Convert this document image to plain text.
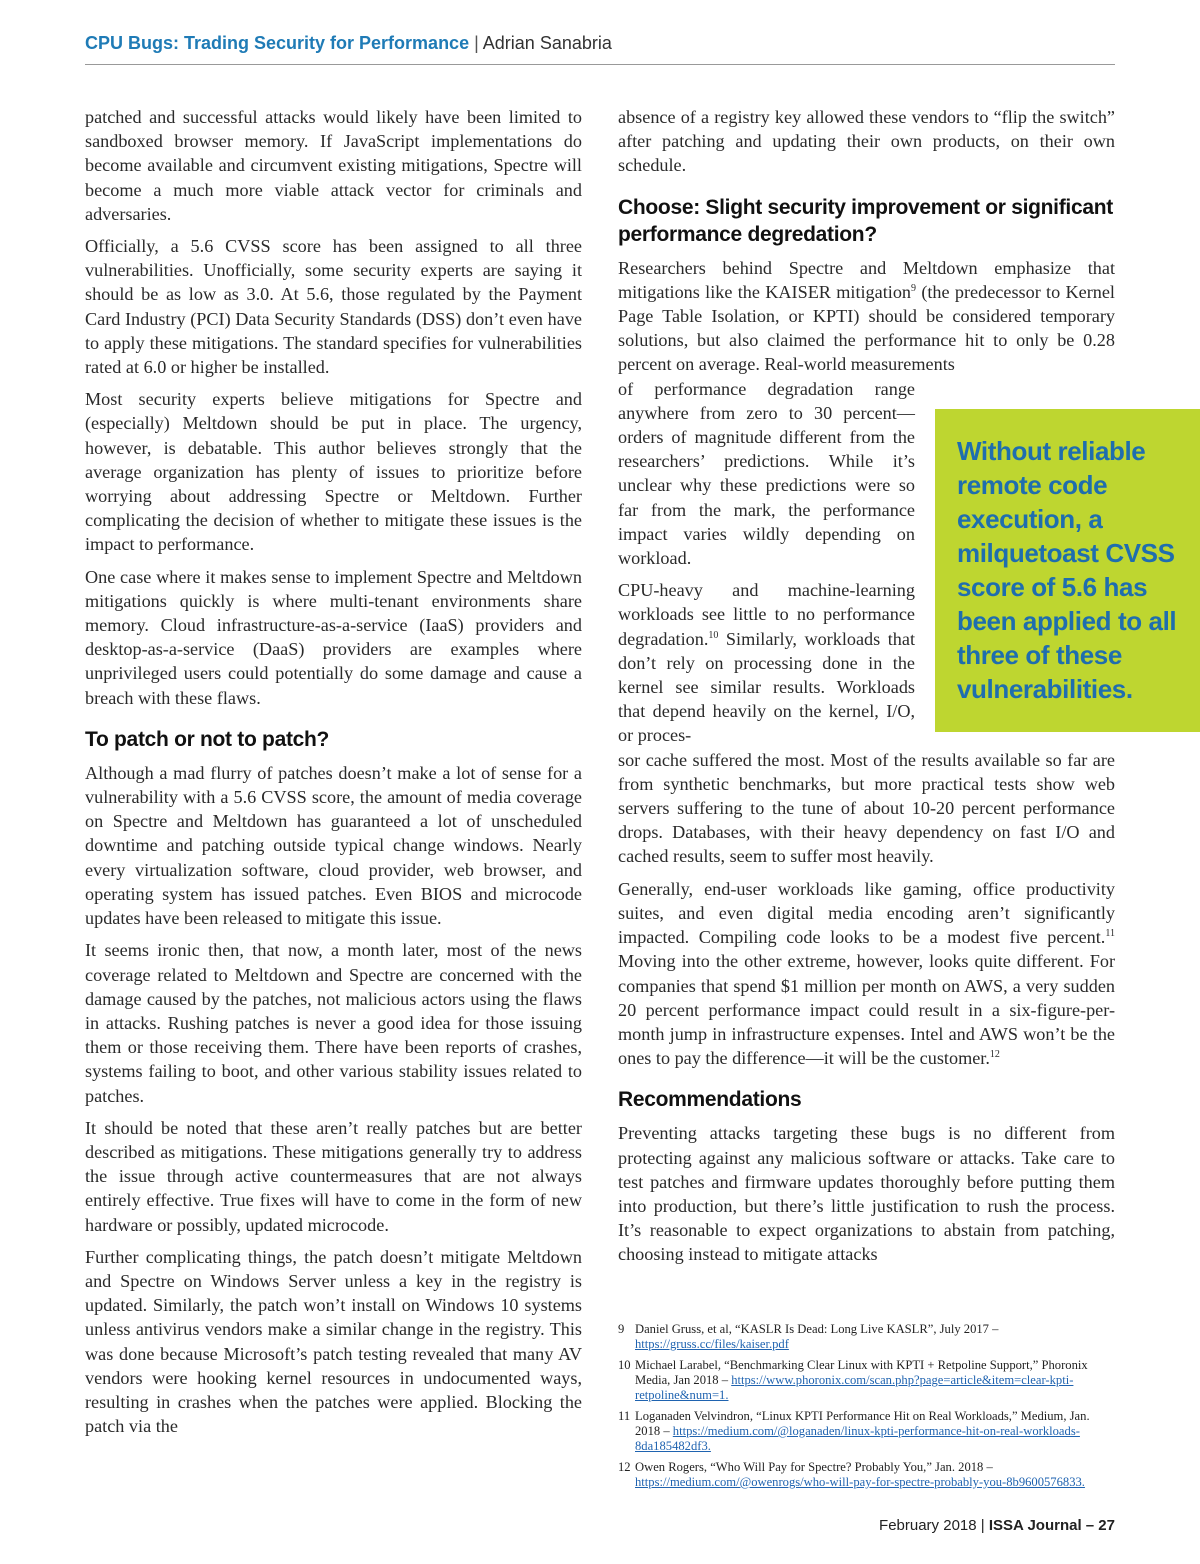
CPU Bugs: Trading Security for Performance | Adrian Sanabria

patched and successful attacks would likely have been limited to sandboxed browser memory. If JavaScript implementations do become available and circumvent existing mitigations, Spectre will become a much more viable attack vector for criminals and adversaries.

Officially, a 5.6 CVSS score has been assigned to all three vulnerabilities. Unofficially, some security experts are saying it should be as low as 3.0. At 5.6, those regulated by the Payment Card Industry (PCI) Data Security Standards (DSS) don’t even have to apply these mitigations. The standard specifies for vulnerabilities rated at 6.0 or higher be installed.

Most security experts believe mitigations for Spectre and (especially) Meltdown should be put in place. The urgency, however, is debatable. This author believes strongly that the average organization has plenty of issues to prioritize before worrying about addressing Spectre or Meltdown. Further complicating the decision of whether to mitigate these issues is the impact to performance.

One case where it makes sense to implement Spectre and Meltdown mitigations quickly is where multi-tenant environments share memory. Cloud infrastructure-as-a-service (IaaS) providers and desktop-as-a-service (DaaS) providers are examples where unprivileged users could potentially do some damage and cause a breach with these flaws.

To patch or not to patch?

Although a mad flurry of patches doesn’t make a lot of sense for a vulnerability with a 5.6 CVSS score, the amount of media coverage on Spectre and Meltdown has guaranteed a lot of unscheduled downtime and patching outside typical change windows. Nearly every virtualization software, cloud provider, web browser, and operating system has issued patches. Even BIOS and microcode updates have been released to mitigate this issue.

It seems ironic then, that now, a month later, most of the news coverage related to Meltdown and Spectre are concerned with the damage caused by the patches, not malicious actors using the flaws in attacks. Rushing patches is never a good idea for those issuing them or those receiving them. There have been reports of crashes, systems failing to boot, and other various stability issues related to patches.

It should be noted that these aren’t really patches but are better described as mitigations. These mitigations generally try to address the issue through active countermeasures that are not always entirely effective. True fixes will have to come in the form of new hardware or possibly, updated microcode.

Further complicating things, the patch doesn’t mitigate Meltdown and Spectre on Windows Server unless a key in the registry is updated. Similarly, the patch won’t install on Windows 10 systems unless antivirus vendors make a similar change in the registry. This was done because Microsoft’s patch testing revealed that many AV vendors were hooking kernel resources in undocumented ways, resulting in crashes when the patches were applied. Blocking the patch via the

absence of a registry key allowed these vendors to “flip the switch” after patching and updating their own products, on their own schedule.

Choose: Slight security improvement or significant performance degredation?

Researchers behind Spectre and Meltdown emphasize that mitigations like the KAISER mitigation$^9$ (the predecessor to Kernel Page Table Isolation, or KPTI) should be considered temporary solutions, but also claimed the performance hit to only be 0.28 percent on average. Real-world measurements

of performance degradation range anywhere from zero to 30 percent—orders of magnitude different from the researchers’ predictions. While it’s unclear why these predictions were so far from the mark, the performance impact varies wildly depending on workload.

CPU-heavy and machine-learning workloads see little to no performance degradation.$^{10}$ Similarly, workloads that don’t rely on processing done in the kernel see similar results. Workloads that depend heavily on the kernel, I/O, or proces-

sor cache suffered the most. Most of the results available so far are from synthetic benchmarks, but more practical tests show web servers suffering to the tune of about 10-20 percent performance drops. Databases, with their heavy dependency on fast I/O and cached results, seem to suffer most heavily.

Generally, end-user workloads like gaming, office productivity suites, and even digital media encoding aren’t significantly impacted. Compiling code looks to be a modest five percent.$^{11}$ Moving into the other extreme, however, looks quite different. For companies that spend $1 million per month on AWS, a very sudden 20 percent performance impact could result in a six-figure-per-month jump in infrastructure expenses. Intel and AWS won’t be the ones to pay the difference—it will be the customer.$^{12}$

Recommendations

Preventing attacks targeting these bugs is no different from protecting against any malicious software or attacks. Take care to test patches and firmware updates thoroughly before putting them into production, but there’s little justification to rush the process. It’s reasonable to expect organizations to abstain from patching, choosing instead to mitigate attacks

Without reliable remote code execution, a milquetoast CVSS score of 5.6 has been applied to all three of these vulnerabilities.
9 Daniel Gruss, et al, “KASLR Is Dead: Long Live KASLR”, July 2017 – https://gruss.cc/files/kaiser.pdf
10 Michael Larabel, “Benchmarking Clear Linux with KPTI + Retpoline Support,” Phoronix Media, Jan 2018 – https://www.phoronix.com/scan.php?page=article&item=clear-kpti-retpoline&num=1.
11 Loganaden Velvindron, “Linux KPTI Performance Hit on Real Workloads,” Medium, Jan. 2018 – https://medium.com/@loganaden/linux-kpti-performance-hit-on-real-workloads-8da185482df3.
12 Owen Rogers, “Who Will Pay for Spectre? Probably You,” Jan. 2018 – https://medium.com/@owenrogs/who-will-pay-for-spectre-probably-you-8b9600576833.
February 2018 | ISSA Journal – 27
